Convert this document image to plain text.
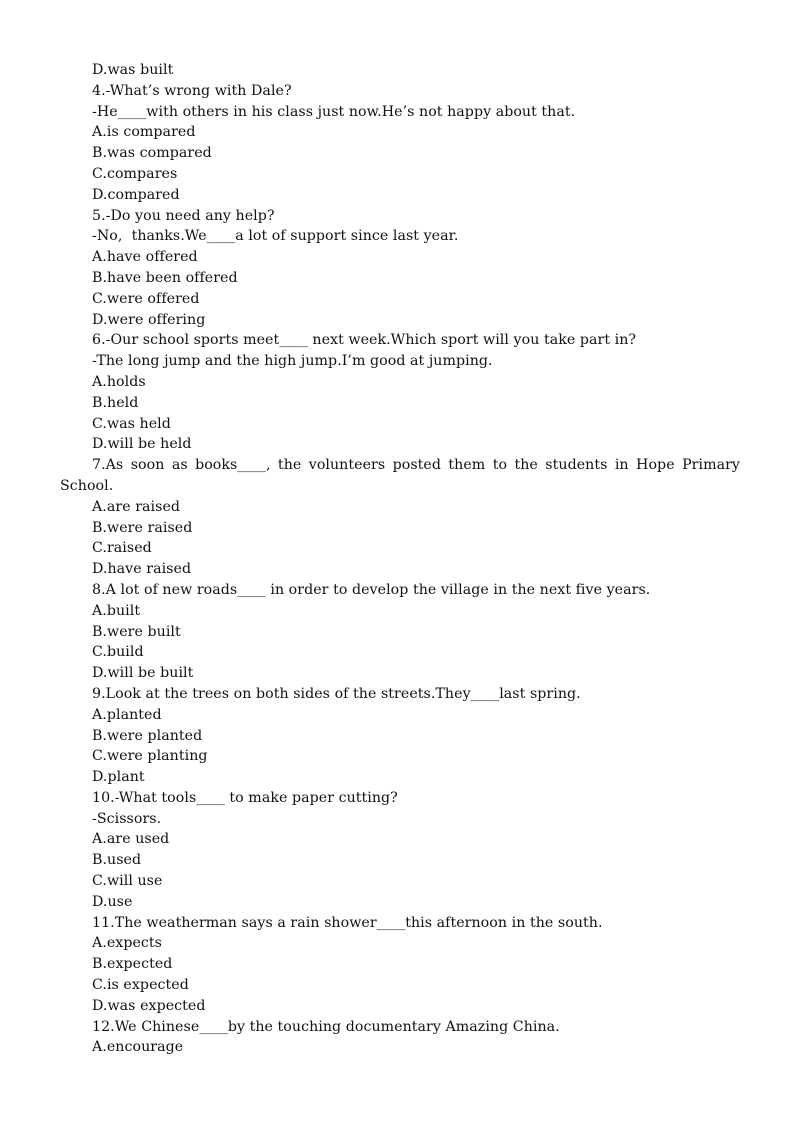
D.was built

4.-What’s wrong with Dale?

-He____with others in his class just now.He’s not happy about that.

A.is compared

B.was compared

C.compares

D.compared

5.-Do you need any help?

-No,  thanks.We____a lot of support since last year.

A.have offered

B.have been offered

C.were offered

D.were offering

6.-Our school sports meet____ next week.Which sport will you take part in?

-The long jump and the high jump.I’m good at jumping.

A.holds

B.held

C.was held

D.will be held

7.As soon as books____, the volunteers posted them to the students in Hope Primary School.

A.are raised

B.were raised

C.raised

D.have raised

8.A lot of new roads____ in order to develop the village in the next five years.

A.built

B.were built

C.build

D.will be built

9.Look at the trees on both sides of the streets.They____last spring.

A.planted

B.were planted

C.were planting

D.plant

10.-What tools____ to make paper cutting?

-Scissors.

A.are used

B.used

C.will use

D.use

11.The weatherman says a rain shower____this afternoon in the south.

A.expects

B.expected

C.is expected

D.was expected

12.We Chinese____by the touching documentary Amazing China.

A.encourage
